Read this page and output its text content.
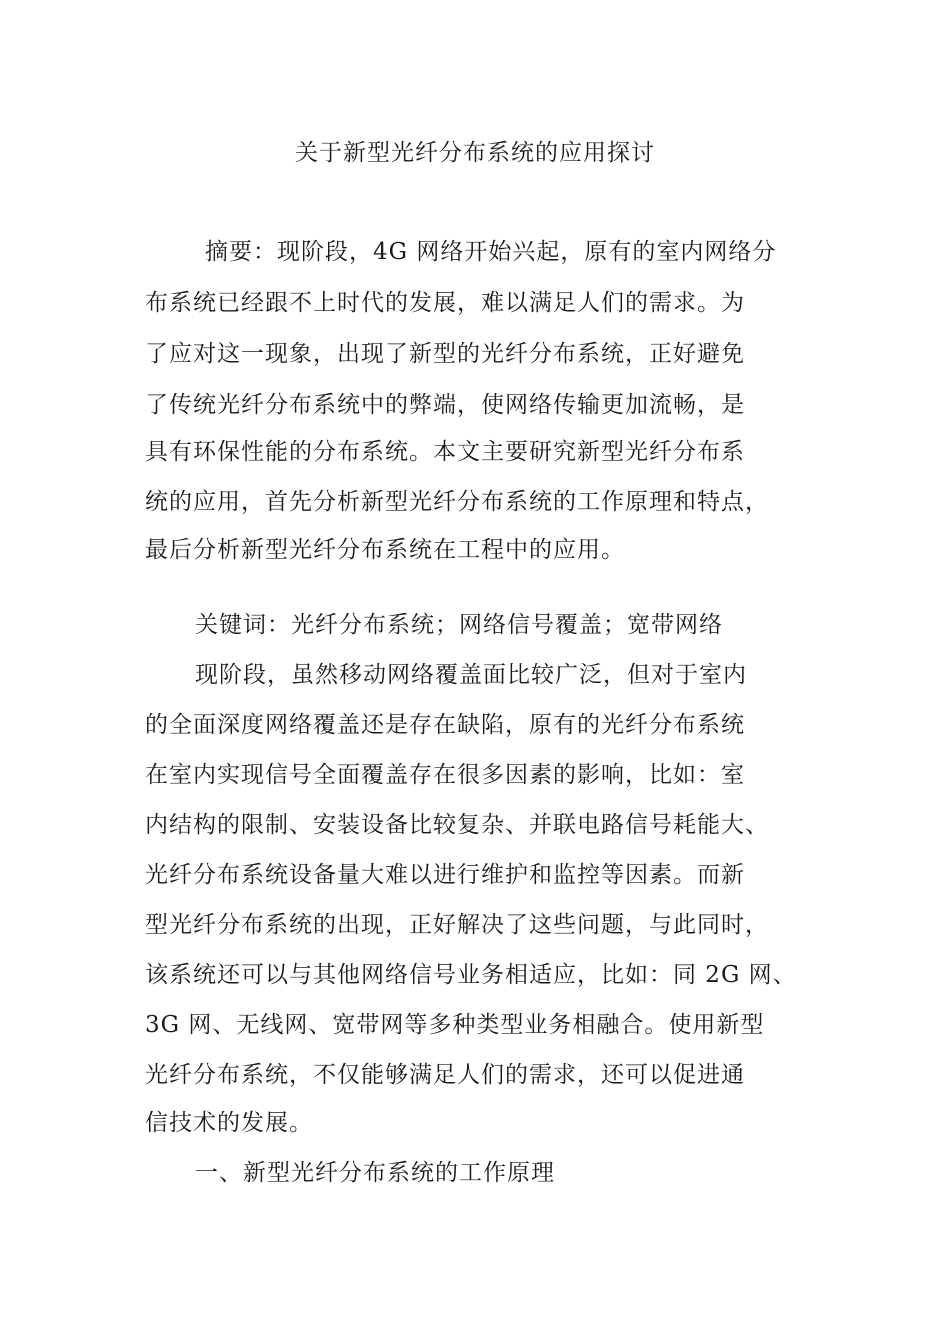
关于新型光纤分布系统的应用探讨
摘要：现阶段，4G 网络开始兴起，原有的室内网络分
布系统已经跟不上时代的发展，难以满足人们的需求。为
了应对这一现象，出现了新型的光纤分布系统，正好避免
了传统光纤分布系统中的弊端，使网络传输更加流畅，是
具有环保性能的分布系统。本文主要研究新型光纤分布系
统的应用，首先分析新型光纤分布系统的工作原理和特点，
最后分析新型光纤分布系统在工程中的应用。
关键词：光纤分布系统；网络信号覆盖；宽带网络
现阶段，虽然移动网络覆盖面比较广泛，但对于室内
的全面深度网络覆盖还是存在缺陷，原有的光纤分布系统
在室内实现信号全面覆盖存在很多因素的影响，比如：室
内结构的限制、安装设备比较复杂、并联电路信号耗能大、
光纤分布系统设备量大难以进行维护和监控等因素。而新
型光纤分布系统的出现，正好解决了这些问题，与此同时，
该系统还可以与其他网络信号业务相适应，比如：同 2G 网、
3G 网、无线网、宽带网等多种类型业务相融合。使用新型
光纤分布系统，不仅能够满足人们的需求，还可以促进通
信技术的发展。
一、新型光纤分布系统的工作原理
